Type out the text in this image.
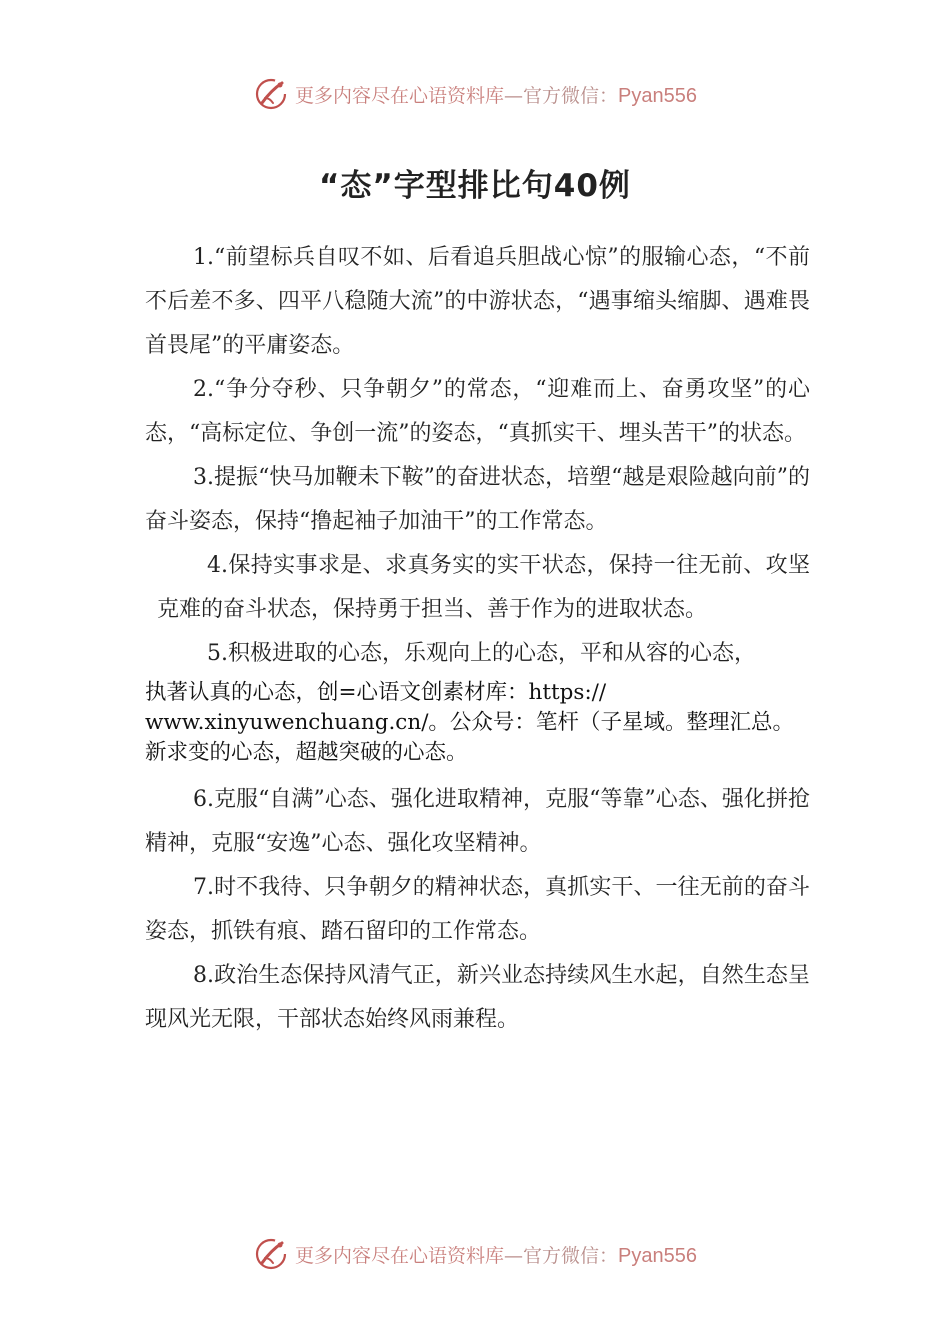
更多内容尽在心语资料库—官方微信：Pyan556
“态”字型排比句40例

1.“前望标兵自叹不如、后看追兵胆战心惊”的服输心态，“不前不后差不多、四平八稳随大流”的中游状态，“遇事缩头缩脚、遇难畏首畏尾”的平庸姿态。

2.“争分夺秒、只争朝夕”的常态，“迎难而上、奋勇攻坚”的心态，“高标定位、争创一流”的姿态，“真抓实干、埋头苦干”的状态。

3.提振“快马加鞭未下鞍”的奋进状态，培塑“越是艰险越向前”的奋斗姿态，保持“撸起袖子加油干”的工作常态。

4.保持实事求是、求真务实的实干状态，保持一往无前、攻坚克难的奋斗状态，保持勇于担当、善于作为的进取状态。

5.积极进取的心态，乐观向上的心态，平和从容的心态，

执著认真的心态，创=心语文创素材库：https://
www.xinyuwenchuang.cn/。公众号：笔杆（子星域。整理汇总。
新求变的心态，超越突破的心态。

6.克服“自满”心态、强化进取精神，克服“等靠”心态、强化拼抢精神，克服“安逸”心态、强化攻坚精神。

7.时不我待、只争朝夕的精神状态，真抓实干、一往无前的奋斗姿态，抓铁有痕、踏石留印的工作常态。

8.政治生态保持风清气正，新兴业态持续风生水起，自然生态呈现风光无限，干部状态始终风雨兼程。

更多内容尽在心语资料库—官方微信：Pyan556
